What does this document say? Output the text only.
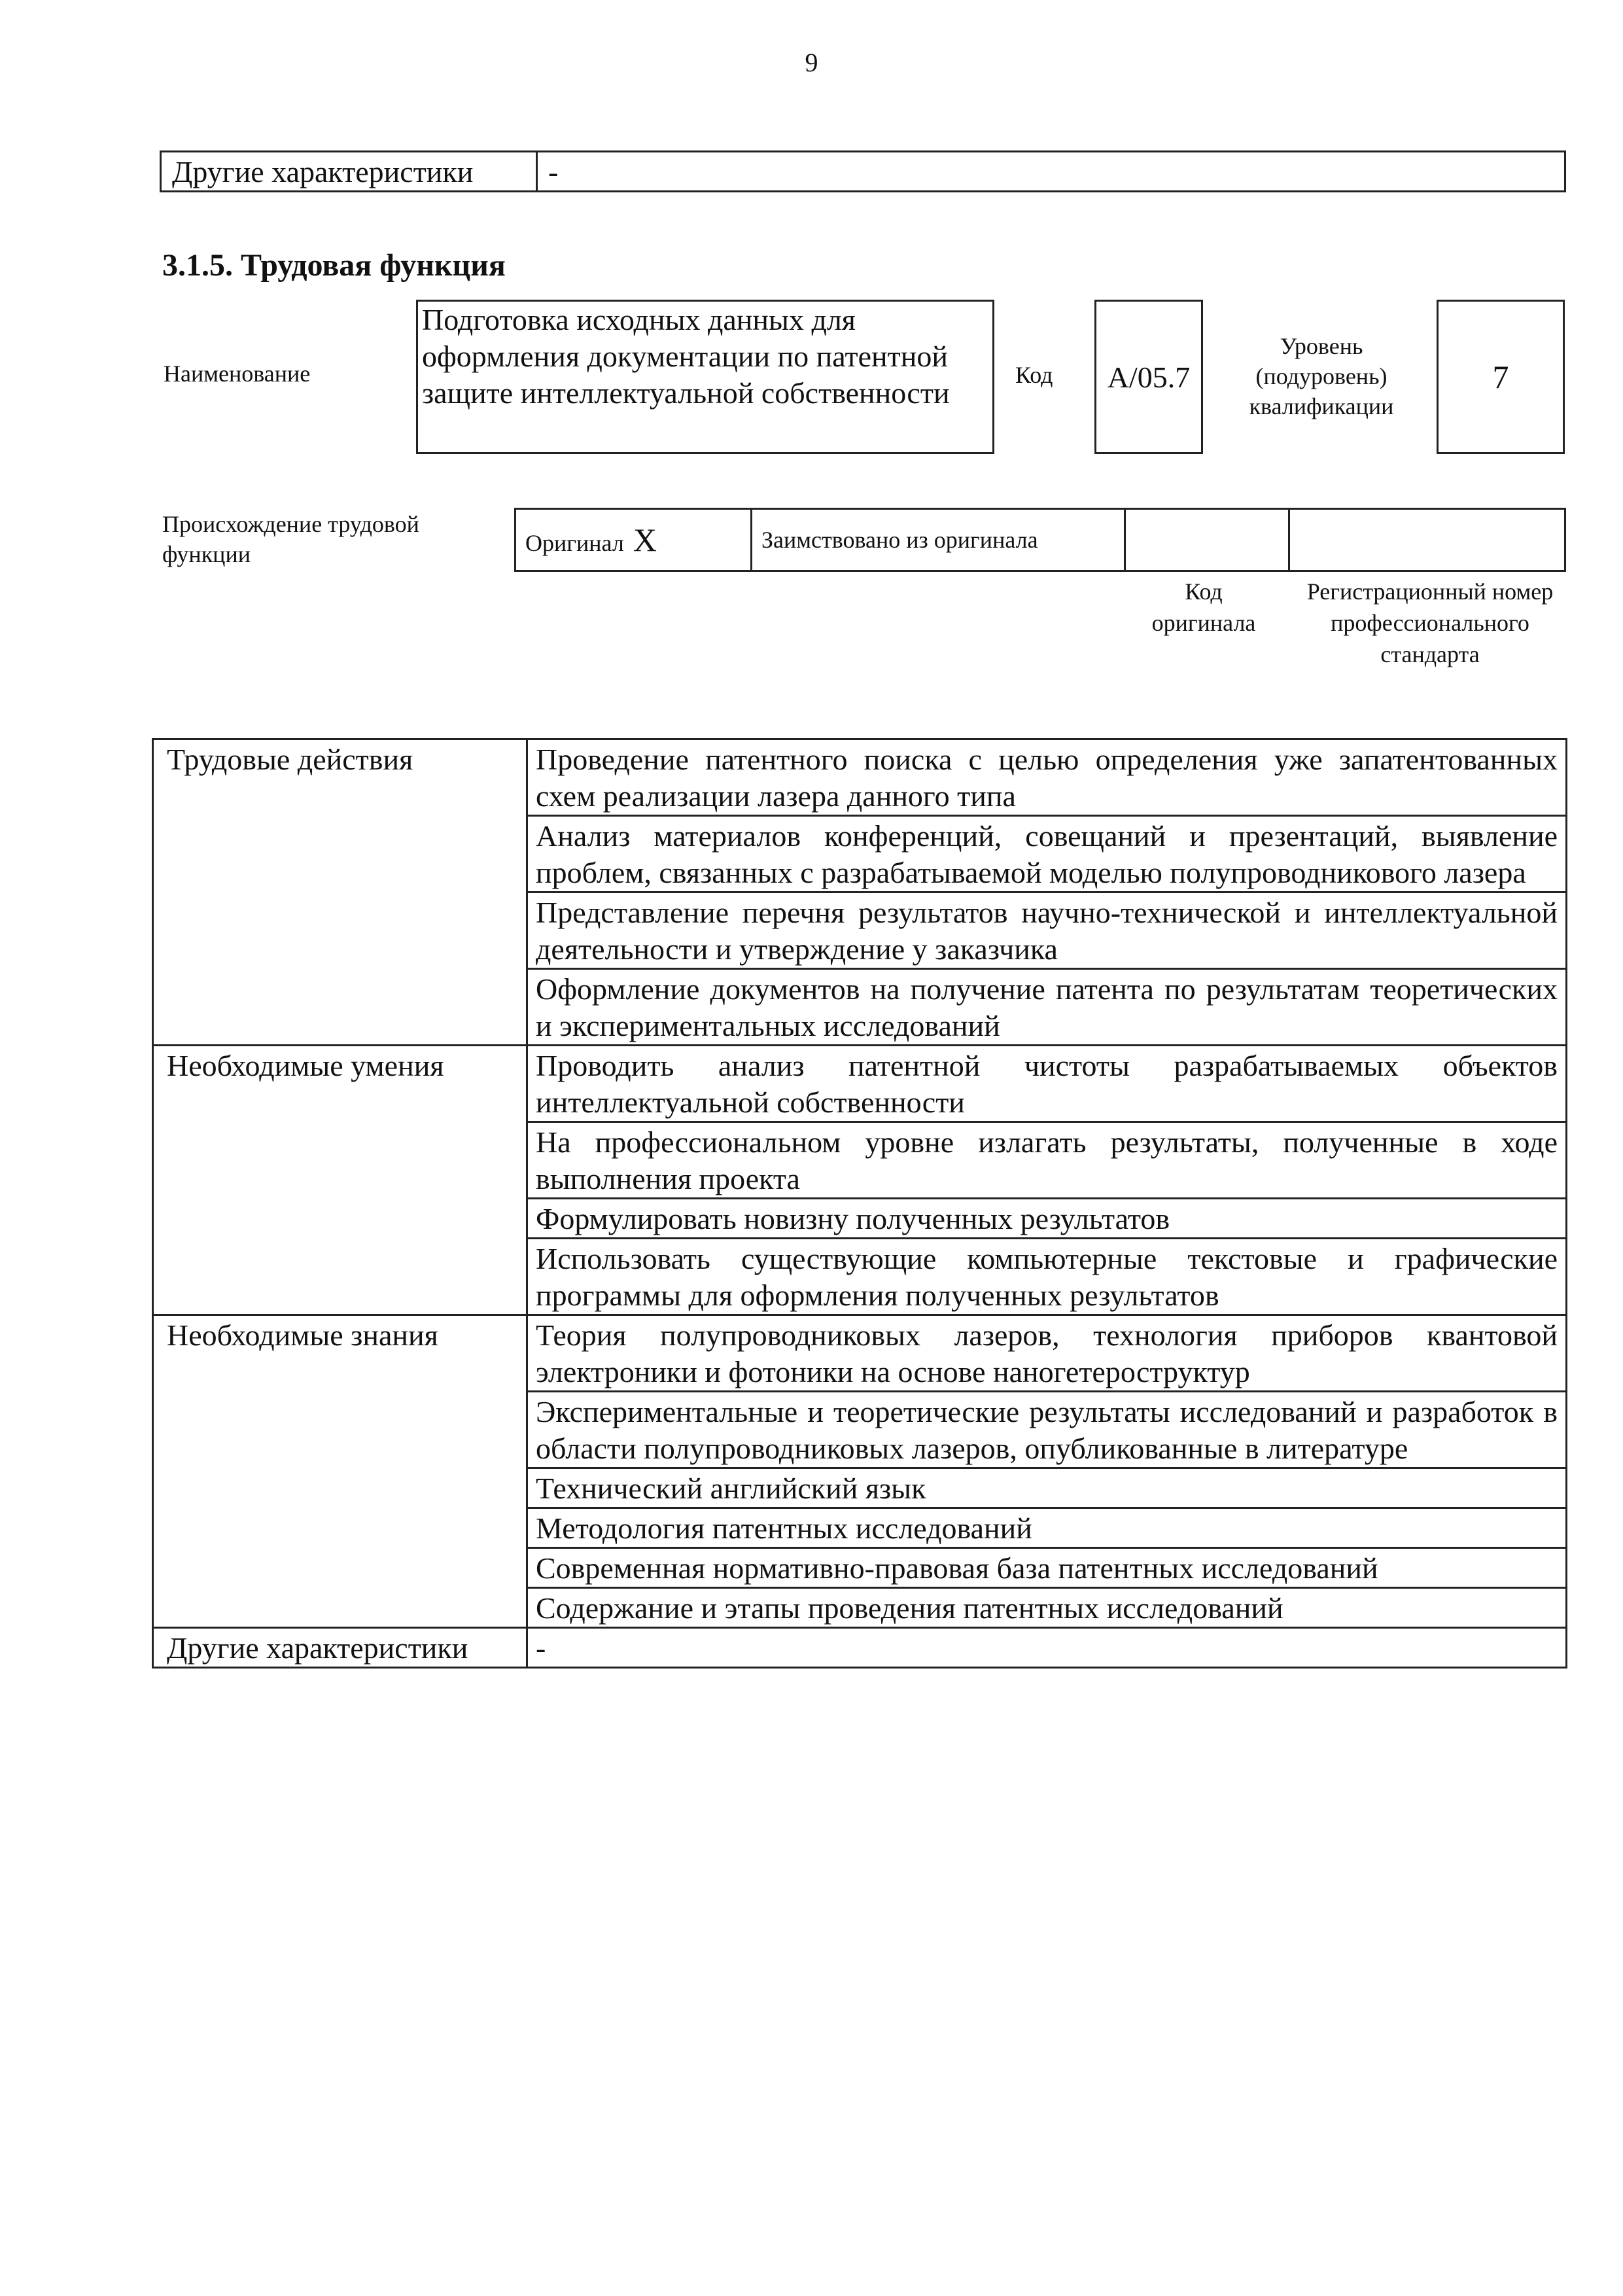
9
Другие характеристики	-
3.1.5. Трудовая функция
Наименование
Подготовка исходных данных для оформления документации по патентной защите интеллектуальной собственности
Код A/05.7
Уровень (подуровень) квалификации
7
Происхождение трудовой функции	Оригинал X	Заимствовано из оригинала		
Код оригинала
Регистрационный номер профессионального стандарта
Трудовые действия	Проведение патентного поиска с целью определения уже запатентованных схем реализации лазера данного типа
	Анализ материалов конференций, совещаний и презентаций, выявление проблем, связанных с разрабатываемой моделью полупроводникового лазера
	Представление перечня результатов научно-технической и интеллектуальной деятельности и утверждение у заказчика
	Оформление документов на получение патента по результатам теоретических и экспериментальных исследований
Необходимые умения	Проводить анализ патентной чистоты разрабатываемых объектов интеллектуальной собственности
	На профессиональном уровне излагать результаты, полученные в ходе выполнения проекта
	Формулировать новизну полученных результатов
	Использовать существующие компьютерные текстовые и графические программы для оформления полученных результатов
Необходимые знания	Теория полупроводниковых лазеров, технология приборов квантовой электроники и фотоники на основе наногетероструктур
	Экспериментальные и теоретические результаты исследований и разработок в области полупроводниковых лазеров, опубликованные в литературе
	Технический английский язык
	Методология патентных исследований
	Современная нормативно-правовая база патентных исследований
	Содержание и этапы проведения патентных исследований
Другие характеристики	-
